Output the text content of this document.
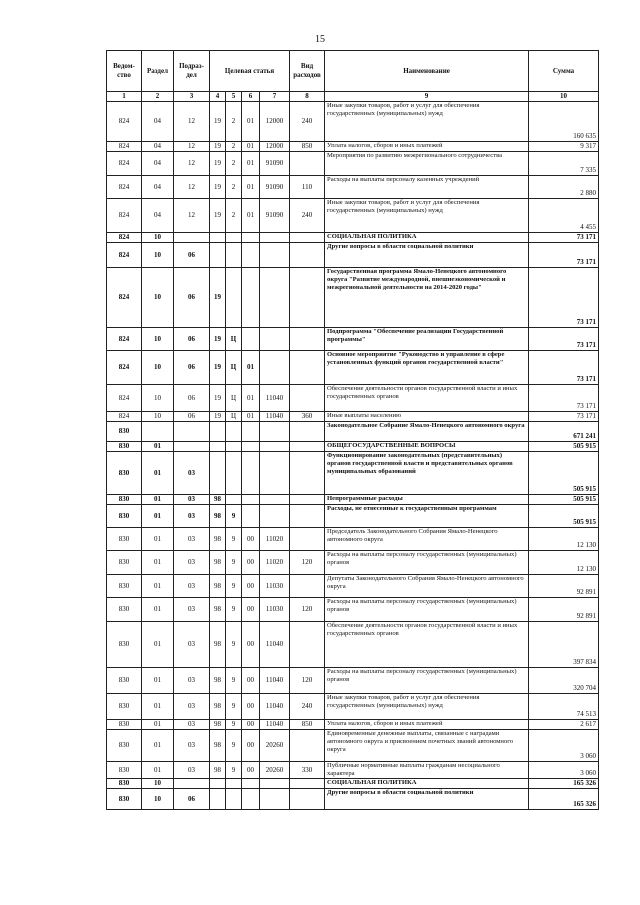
15
Ведом-ство	Раздел	Подраз-дел	Целевая статья				Вид расходов	Наименование	Сумма
1	2	3	4	5	6	7	8	9	10
824	04	12	19	2	01	12000	240	Иные закупки товаров, работ и услуг для обеспечения государственных (муниципальных) нужд	160 635
824	04	12	19	2	01	12000	850	Уплата налогов, сборов и иных платежей	9 317
824	04	12	19	2	01	91090		Мероприятия по развитию межрегионального сотрудничества	7 335
824	04	12	19	2	01	91090	110	Расходы на выплаты персоналу казенных учреждений	2 880
824	04	12	19	2	01	91090	240	Иные закупки товаров, работ и услуг для обеспечения государственных (муниципальных) нужд	4 455
824	10							СОЦИАЛЬНАЯ ПОЛИТИКА	73 171
824	10	06						Другие вопросы в области социальной политики	73 171
824	10	06	19					Государственная программа Ямало-Ненецкого автономного округа "Развитие международной, внешнеэкономической и межрегиональной деятельности на 2014-2020 годы"	73 171
824	10	06	19	Ц				Подпрограмма "Обеспечение реализации Государственной программы"	73 171
824	10	06	19	Ц	01			Основное мероприятие "Руководство и управление в сфере установленных функций органов государственной власти"	73 171
824	10	06	19	Ц	01	11040		Обеспечение деятельности органов государственной власти и иных государственных органов	73 171
824	10	06	19	Ц	01	11040	360	Иные выплаты населению	73 171
830								Законодательное Собрание Ямало-Ненецкого автономного округа	671 241
830	01							ОБЩЕГОСУДАРСТВЕННЫЕ ВОПРОСЫ	505 915
830	01	03						Функционирование законодательных (представительных) органов государственной власти и представительных органов муниципальных образований	505 915
830	01	03	98					Непрограммные расходы	505 915
830	01	03	98	9				Расходы, не отнесенные к государственным программам	505 915
830	01	03	98	9	00	11020		Председатель Законодательного Собрания Ямало-Ненецкого автономного округа	12 130
830	01	03	98	9	00	11020	120	Расходы на выплаты персоналу государственных (муниципальных) органов	12 130
830	01	03	98	9	00	11030		Депутаты Законодательного Собрания Ямало-Ненецкого автономного округа	92 891
830	01	03	98	9	00	11030	120	Расходы на выплаты персоналу государственных (муниципальных) органов	92 891
830	01	03	98	9	00	11040		Обеспечение деятельности органов государственной власти и иных государственных органов	397 834
830	01	03	98	9	00	11040	120	Расходы на выплаты персоналу государственных (муниципальных) органов	320 704
830	01	03	98	9	00	11040	240	Иные закупки товаров, работ и услуг для обеспечения государственных (муниципальных) нужд	74 513
830	01	03	98	9	00	11040	850	Уплата налогов, сборов и иных платежей	2 617
830	01	03	98	9	00	20260		Единовременные денежные выплаты, связанные с наградами автономного округа и присвоением почетных званий автономного округа	3 060
830	01	03	98	9	00	20260	330	Публичные нормативные выплаты гражданам несоциального характера	3 060
830	10							СОЦИАЛЬНАЯ ПОЛИТИКА	165 326
830	10	06						Другие вопросы в области социальной политики	165 326
